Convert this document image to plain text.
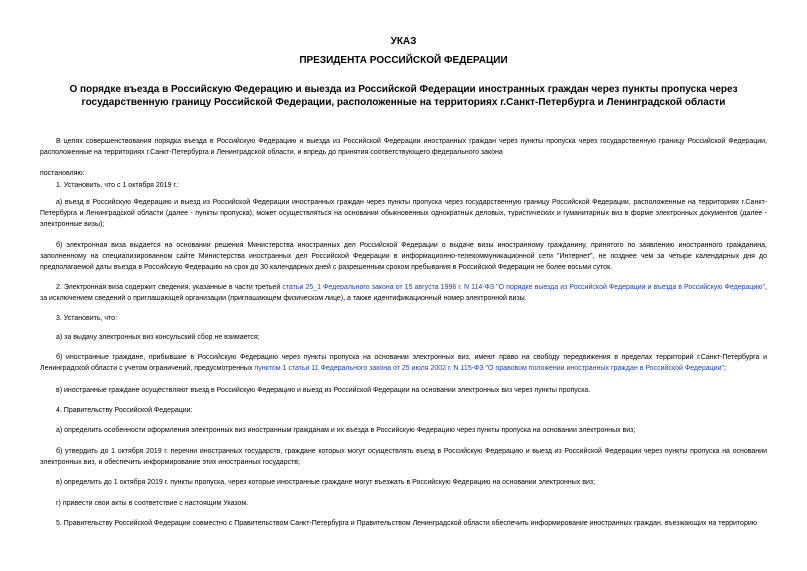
УКАЗ
ПРЕЗИДЕНТА РОССИЙСКОЙ ФЕДЕРАЦИИ
О порядке въезда в Российскую Федерацию и выезда из Российской Федерации иностранных граждан через пункты пропуска через государственную границу Российской Федерации, расположенные на территориях г.Санкт-Петербурга и Ленинградской области
В целях совершенствования порядка въезда в Российскую Федерацию и выезда из Российской Федерации иностранных граждан через пункты пропуска через государственную границу Российской Федерации, расположенные на территориях г.Санкт-Петербурга и Ленинградской области, и впредь до принятия соответствующего федерального закона
постановляю:
1. Установить, что с 1 октября 2019 г.:
а) въезд в Российскую Федерацию и выезд из Российской Федерации иностранных граждан через пункты пропуска через государственную границу Российской Федерации, расположенные на территориях г.Санкт-Петербурга и Ленинградской области (далее - пункты пропуска), может осуществляться на основании обыкновенных однократных деловых, туристических и гуманитарных виз в форме электронных документов (далее - электронные визы);
б) электронная виза выдается на основании решения Министерства иностранных дел Российской Федерации о выдаче визы иностранному гражданину, принятого по заявлению иностранного гражданина, заполненному на специализированном сайте Министерства иностранных дел Российской Федерации в информационно-телекоммуникационной сети "Интернет", не позднее чем за четыре календарных дня до предполагаемой даты въезда в Российскую Федерацию на срок до 30 календарных дней с разрешенным сроком пребывания в Российской Федерации не более восьми суток.
2. Электронная виза содержит сведения, указанные в части третьей статьи 25_1 Федерального закона от 15 августа 1996 г. N 114-ФЗ "О порядке выезда из Российской Федерации и въезда в Российскую Федерацию", за исключением сведений о приглашающей организации (приглашающем физическом лице), а также идентификационный номер электронной визы.
3. Установить, что:
а) за выдачу электронных виз консульский сбор не взимается;
б) иностранные граждане, прибывшие в Российскую Федерацию через пункты пропуска на основании электронных виз, имеют право на свободу передвижения в пределах территорий г.Санкт-Петербурга и Ленинградской области с учетом ограничений, предусмотренных пунктом 1 статьи 11 Федерального закона от 25 июля 2002 г. N 115-ФЗ "О правовом положении иностранных граждан в Российской Федерации";
в) иностранные граждане осуществляют въезд в Российскую Федерацию и выезд из Российской Федерации на основании электронных виз через пункты пропуска.
4. Правительству Российской Федерации:
а) определить особенности оформления электронных виз иностранным гражданам и их въезда в Российскую Федерацию через пункты пропуска на основании электронных виз;
б) утвердить до 1 октября 2019 г. перечни иностранных государств, граждане которых могут осуществлять въезд в Российскую Федерацию и выезд из Российской Федерации через пункты пропуска на основании электронных виз, и обеспечить информирование этих иностранных государств;
в) определить до 1 октября 2019 г. пункты пропуска, через которые иностранные граждане могут въезжать в Российскую Федерацию на основании электронных виз;
г) привести свои акты в соответствие с настоящим Указом.
5. Правительству Российской Федерации совместно с Правительством Санкт-Петербурга и Правительством Ленинградской области обеспечить информирование иностранных граждан, въезжающих на территорию
